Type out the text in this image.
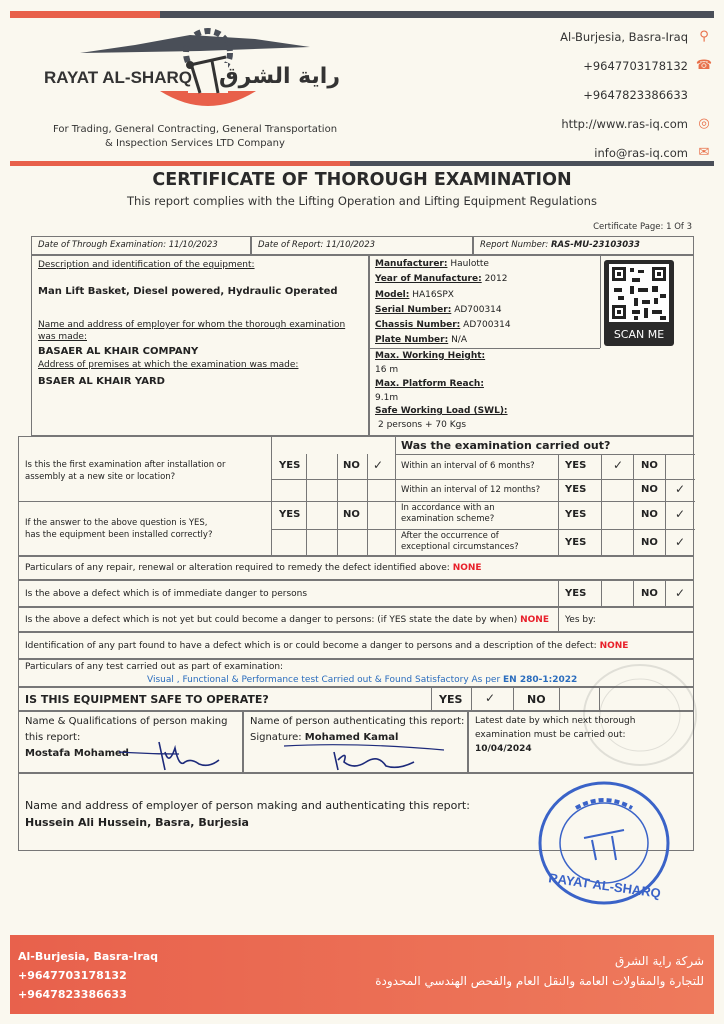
RAYAT AL-SHARQ راية الشرق
For Trading, General Contracting, General Transportation
& Inspection Services LTD Company
Al-Burjesia, Basra-Iraq ⚲
+9647703178132 ☎
+9647823386633
http://www.ras-iq.com ◎
info@ras-iq.com ✉
CERTIFICATE OF THOROUGH EXAMINATION
This report complies with the Lifting Operation and Lifting Equipment Regulations
Certificate Page: 1 Of 3
Date of Through Examination: 11/10/2023	Date of Report: 11/10/2023	Report Number: RAS-MU-23103033
Description and identification of the equipment:
Man Lift Basket, Diesel powered, Hydraulic Operated
Name and address of employer for whom the thorough examination
was made:
BASAER AL KHAIR COMPANY
Address of premises at which the examination was made:
BSAER AL KHAIR YARD
Manufacturer: Haulotte
Year of Manufacture: 2012
Model: HA16SPX
Serial Number: AD700314
Chassis Number: AD700314
Plate Number: N/A
Max. Working Height:
16 m
Max. Platform Reach:
9.1m
Safe Working Load (SWL):
2 persons + 70 Kgs
SCAN ME
Was the examination carried out?
Is this the first examination after installation or assembly at a new site or location?
YES	NO ✓
If the answer to the above question is YES,
has the equipment been installed correctly?
YES	NO
Within an interval of 6 months?	YES ✓ NO
Within an interval of 12 months? YES	NO ✓
In accordance with an
examination scheme?	YES	NO ✓
After the occurrence of
exceptional circumstances?	YES	NO ✓
Particulars of any repair, renewal or alteration required to remedy the defect identified above: NONE
Is the above a defect which is of immediate danger to persons	YES	NO ✓
Is the above a defect which is not yet but could become a danger to persons: (if YES state the date by when) NONE Yes by:
Identification of any part found to have a defect which is or could become a danger to persons and a description of the defect: NONE
Particulars of any test carried out as part of examination:
Visual , Functional & Performance test Carried out & Found Satisfactory As per EN 280-1:2022
IS THIS EQUIPMENT SAFE TO OPERATE?	YES ✓	NO
Name & Qualifications of person making
this report:
Mostafa Mohamed
Name of person authenticating this report:
Signature: Mohamed Kamal
Latest date by which next thorough
examination must be carried out:
10/04/2024
Name and address of employer of person making and authenticating this report:
Hussein Ali Hussein, Basra, Burjesia
RAYAT AL-SHARQ
Al-Burjesia, Basra-Iraq
+9647703178132
+9647823386633
شركة راية الشرق
للتجارة والمقاولات العامة والنقل العام والفحص الهندسي المحدودة
